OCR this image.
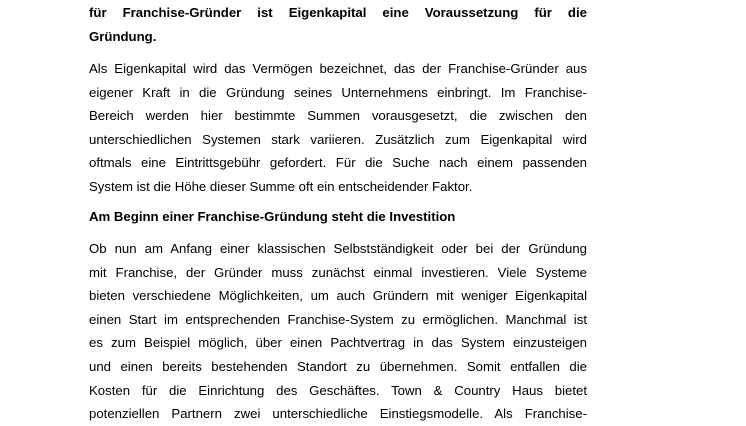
für Franchise-Gründer ist Eigenkapital eine Voraussetzung für die
Gründung.
Als Eigenkapital wird das Vermögen bezeichnet, das der Franchise-Gründer aus
eigener Kraft in die Gründung seines Unternehmens einbringt. Im Franchise-
Bereich werden hier bestimmte Summen vorausgesetzt, die zwischen den
unterschiedlichen Systemen stark variieren. Zusätzlich zum Eigenkapital wird
oftmals eine Eintrittsgebühr gefordert. Für die Suche nach einem passenden
System ist die Höhe dieser Summe oft ein entscheidender Faktor.
Am Beginn einer Franchise-Gründung steht die Investition
Ob nun am Anfang einer klassischen Selbstständigkeit oder bei der Gründung
mit Franchise, der Gründer muss zunächst einmal investieren. Viele Systeme
bieten verschiedene Möglichkeiten, um auch Gründern mit weniger Eigenkapital
einen Start im entsprechenden Franchise-System zu ermöglichen. Manchmal ist
es zum Beispiel möglich, über einen Pachtvertrag in das System einzusteigen
und einen bereits bestehenden Standort zu übernehmen. Somit entfallen die
Kosten für die Einrichtung des Geschäftes. Town & Country Haus bietet
potenziellen Partnern zwei unterschiedliche Einstiegsmodelle. Als Franchise-
